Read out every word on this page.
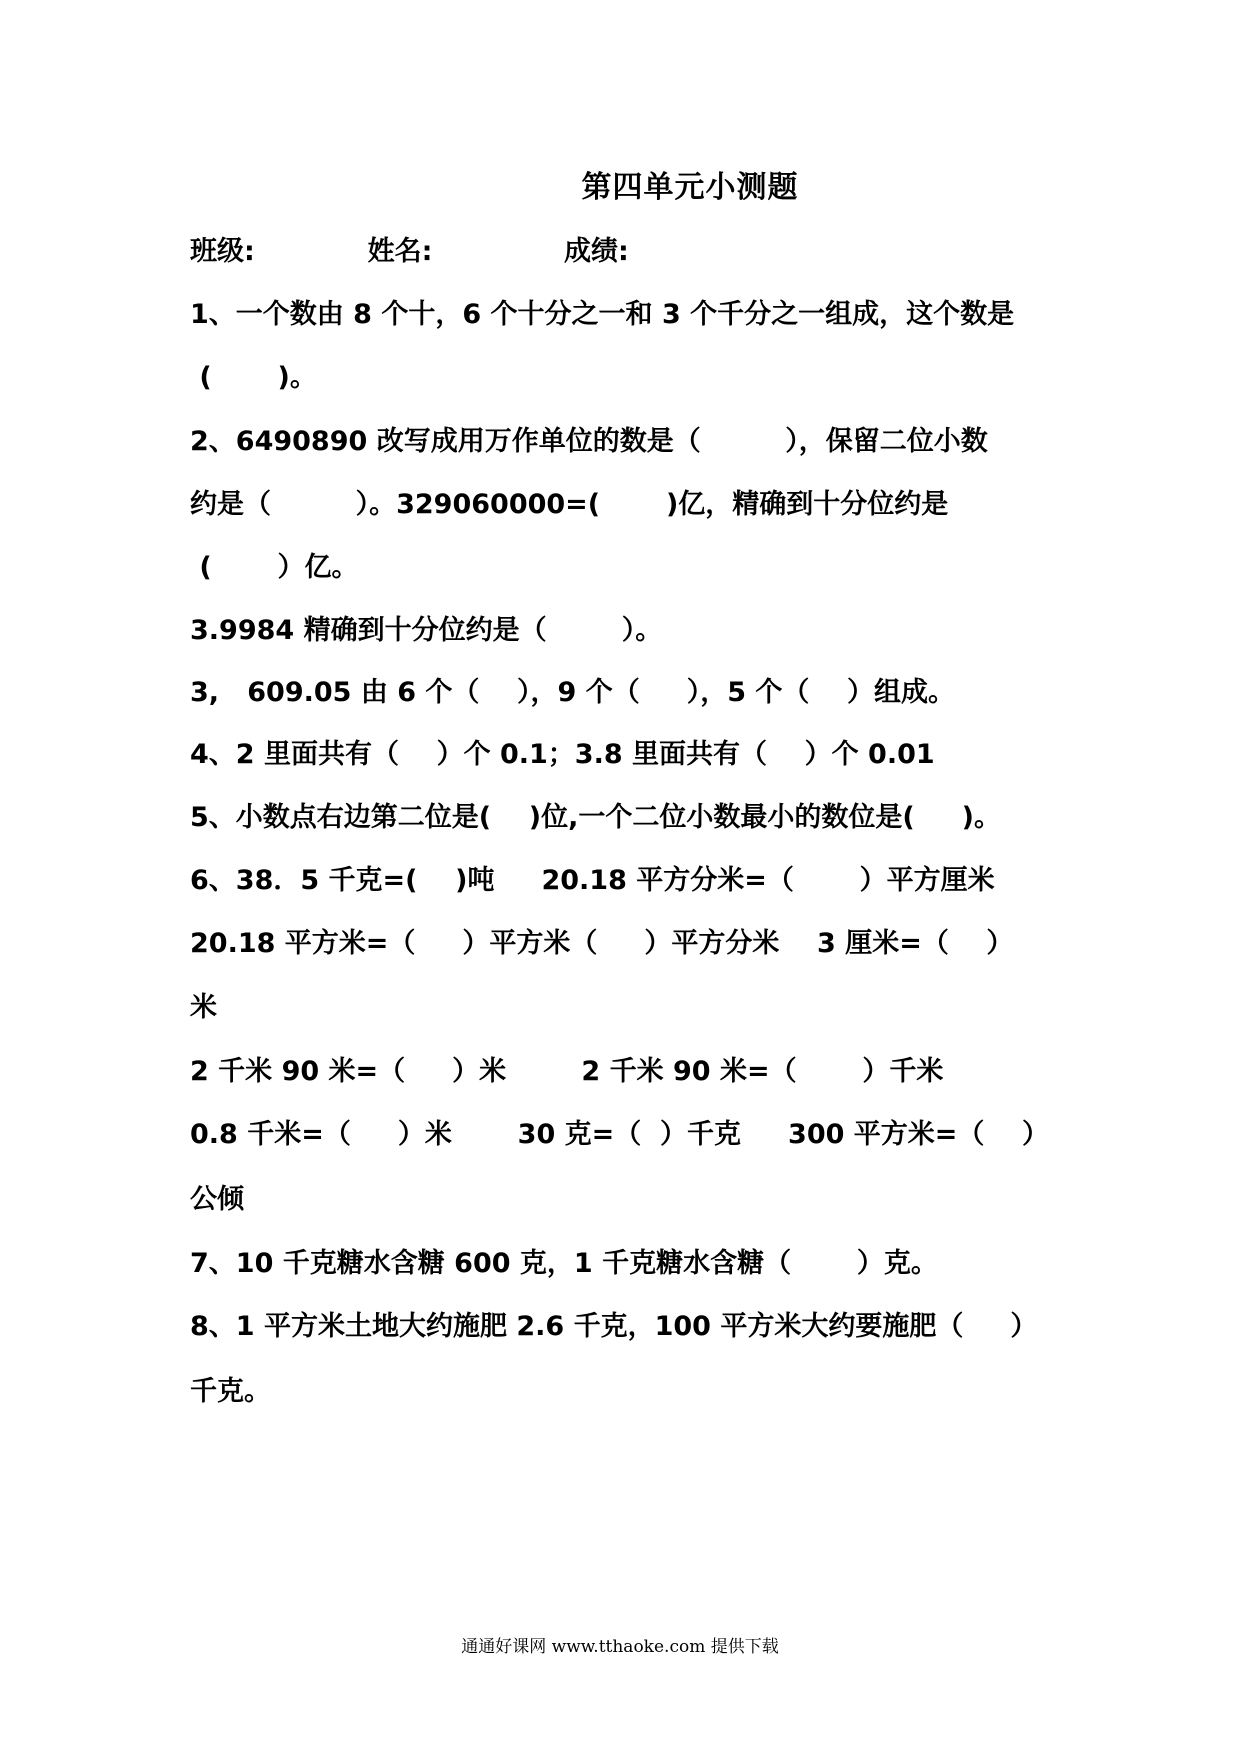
第四单元小测题
班级:            姓名:              成绩:
1、一个数由 8 个十，6 个十分之一和 3 个千分之一组成，这个数是
(       )。
2、6490890 改写成用万作单位的数是（         ），保留二位小数
约是（         ）。329060000=(       )亿，精确到十分位约是
(       ）亿。
3.9984 精确到十分位约是（        ）。
3,   609.05 由 6 个（    ），9 个（     ），5 个（    ）组成。
4、2 里面共有（    ）个 0.1；3.8 里面共有（    ）个 0.01
5、小数点右边第二位是(    )位,一个二位小数最小的数位是(     )。
6、38．5 千克=(    )吨     20.18 平方分米=（       ）平方厘米
20.18 平方米=（     ）平方米（     ）平方分米    3 厘米=（    ）
米
2 千米 90 米=（     ）米        2 千米 90 米=（       ）千米
0.8 千米=（     ）米       30 克=（  ）千克     300 平方米=（    ）
公倾
7、10 千克糖水含糖 600 克，1 千克糖水含糖（       ）克。
8、1 平方米土地大约施肥 2.6 千克，100 平方米大约要施肥（     ）
千克。
通通好课网 www.tthaoke.com 提供下载
